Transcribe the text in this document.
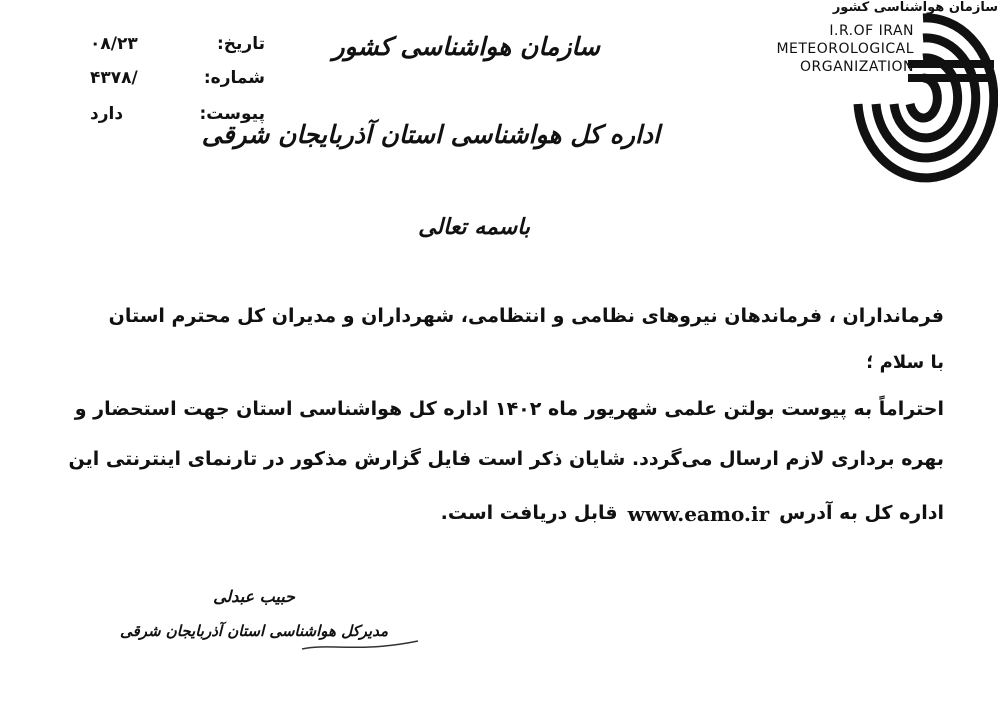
سازمان هواشناسی کشور
I.R.OF IRAN
METEOROLOGICAL
ORGANIZATION
تاریخ:
۰۸/۲۳
شماره:
۴۳۷۸/
پیوست:
دارد
سازمان هواشناسی کشور
اداره کل هواشناسی استان آذربایجان شرقی
باسمه تعالی
فرمانداران ، فرماندهان نیروهای نظامی و انتظامی، شهرداران و مدیران کل محترم استان
با سلام ؛
احتراماً به پیوست بولتن علمی شهریور ماه ۱۴۰۲ اداره کل هواشناسی استان جهت استحضار و
بهره برداری لازم ارسال می‌گردد. شایان ذکر است فایل گزارش مذکور در تارنمای اینترنتی این
اداره کل به آدرس
www.eamo.ir
قابل دریافت است.
حبیب عبدلی
مدیرکل هواشناسی استان آذربایجان شرقی
